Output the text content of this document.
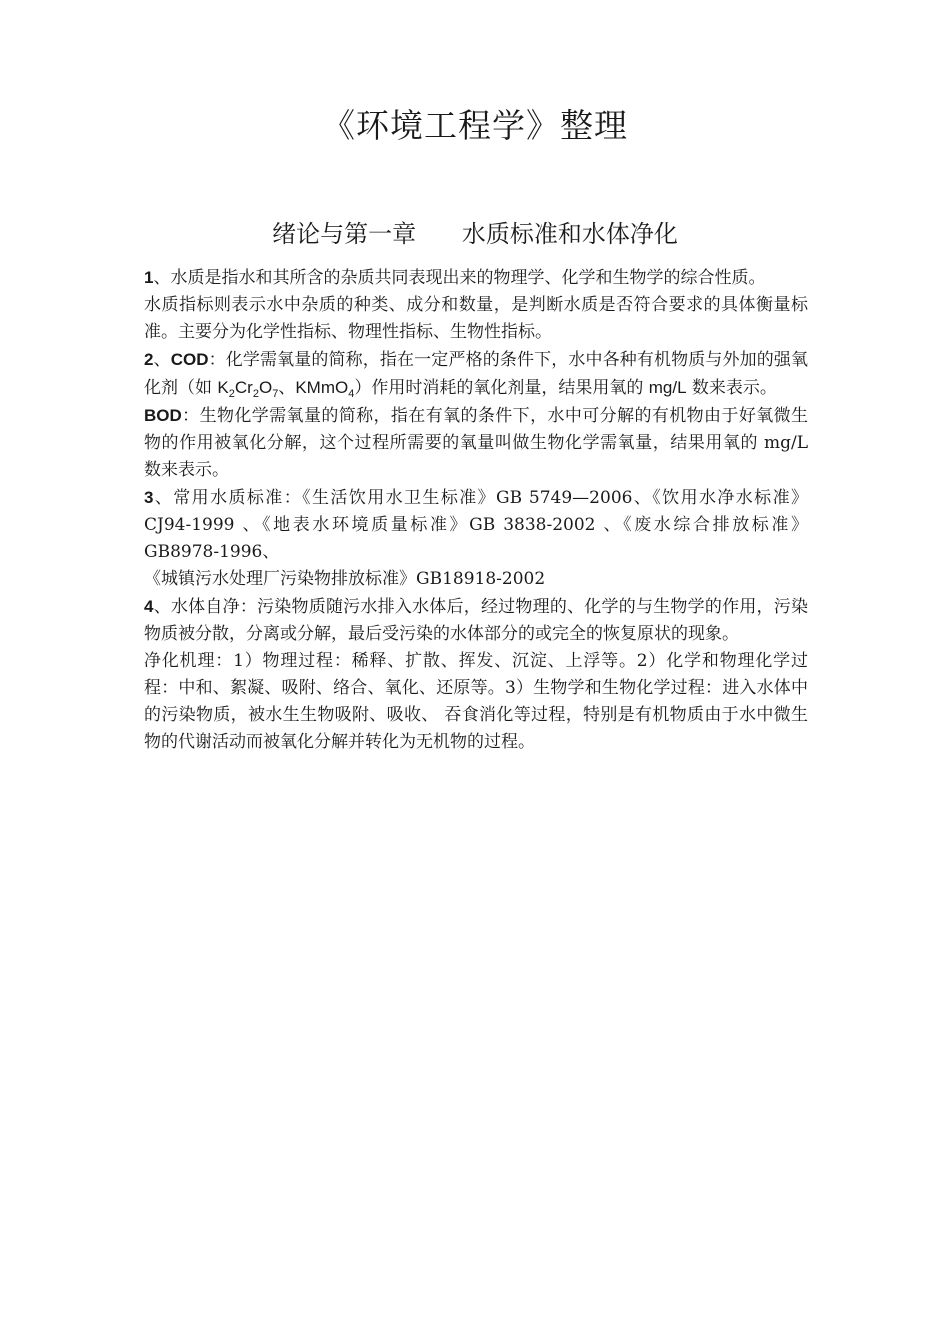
《环境工程学》整理
绪论与第一章      水质标准和水体净化

1、水质是指水和其所含的杂质共同表现出来的物理学、化学和生物学的综合性质。

水质指标则表示水中杂质的种类、成分和数量，是判断水质是否符合要求的具体衡量标准。主要分为化学性指标、物理性指标、生物性指标。

2、COD：化学需氧量的简称，指在一定严格的条件下，水中各种有机物质与外加的强氧化剂（如 $K_2Cr_2O_7$、KMmO$_4$）作用时消耗的氧化剂量，结果用氧的 mg/L 数来表示。

BOD：生物化学需氧量的简称，指在有氧的条件下，水中可分解的有机物由于好氧微生物的作用被氧化分解，这个过程所需要的氧量叫做生物化学需氧量，结果用氧的 mg/L 数来表示。

3、常用水质标准：《生活饮用水卫生标准》GB 5749—2006、《饮用水净水标准》CJ94-1999 、《地表水环境质量标准》GB 3838-2002 、《废水综合排放标准》GB8978-1996、

《城镇污水处理厂污染物排放标准》GB18918-2002

4、水体自净：污染物质随污水排入水体后，经过物理的、化学的与生物学的作用，污染物质被分散，分离或分解，最后受污染的水体部分的或完全的恢复原状的现象。

净化机理：1）物理过程：稀释、扩散、挥发、沉淀、上浮等。2）化学和物理化学过程：中和、絮凝、吸附、络合、氧化、还原等。3）生物学和生物化学过程：进入水体中的污染物质，被水生生物吸附、吸收、 吞食消化等过程，特别是有机物质由于水中微生物的代谢活动而被氧化分解并转化为无机物的过程。
